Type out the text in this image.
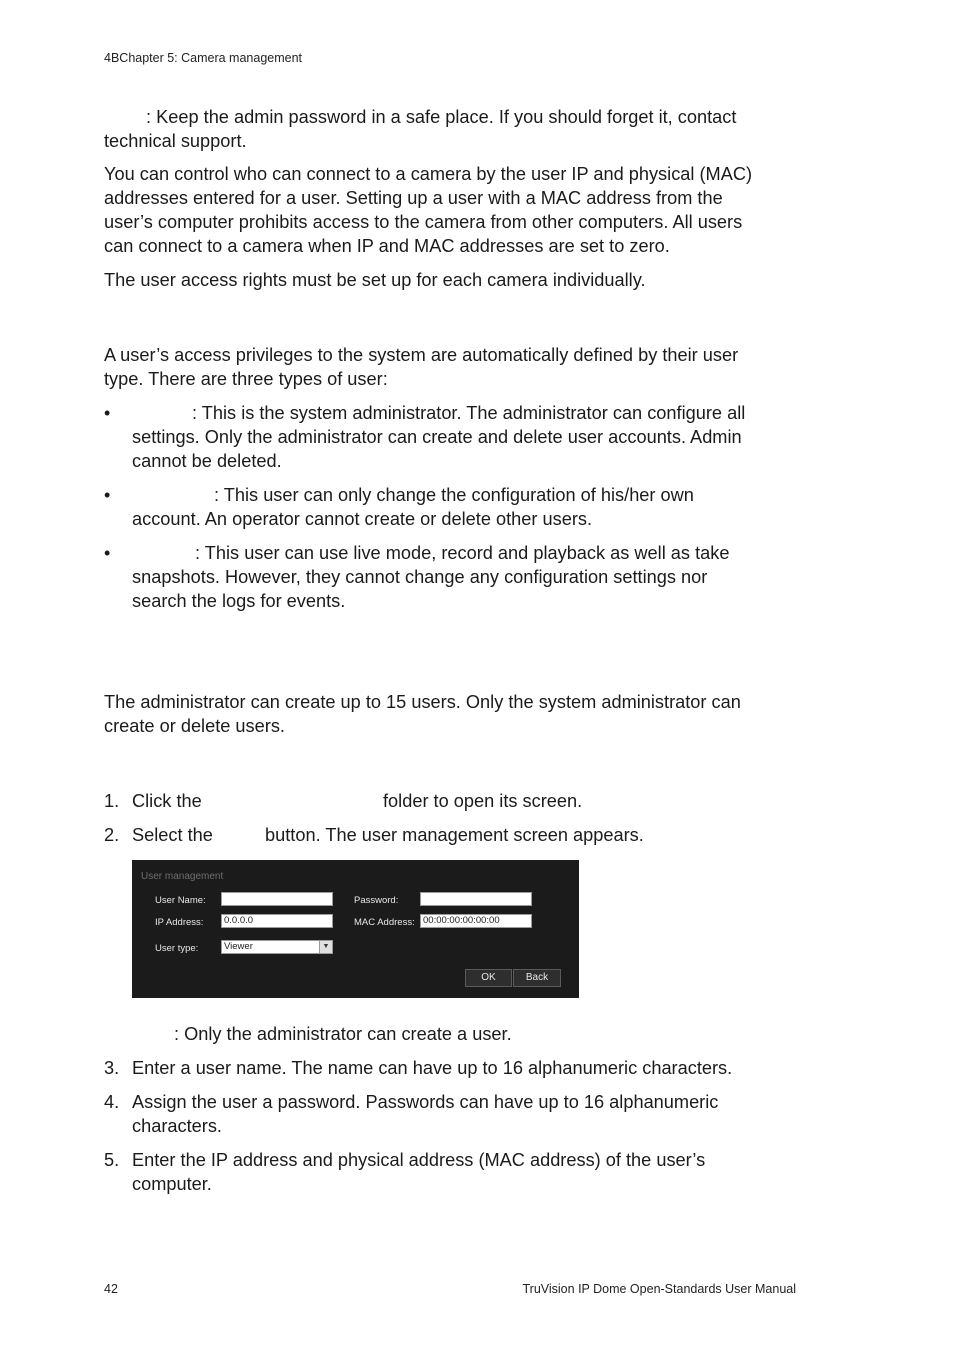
4BChapter 5: Camera management
: Keep the admin password in a safe place. If you should forget it, contact
technical support.
You can control who can connect to a camera by the user IP and physical (MAC)
addresses entered for a user. Setting up a user with a MAC address from the
user’s computer prohibits access to the camera from other computers. All users
can connect to a camera when IP and MAC addresses are set to zero.
The user access rights must be set up for each camera individually.
A user’s access privileges to the system are automatically defined by their user
type. There are three types of user:
•	: This is the system administrator. The administrator can configure all
settings. Only the administrator can create and delete user accounts. Admin
cannot be deleted.
•	: This user can only change the configuration of his/her own
account. An operator cannot create or delete other users.
•	: This user can use live mode, record and playback as well as take
snapshots. However, they cannot change any configuration settings nor
search the logs for events.
The administrator can create up to 15 users. Only the system administrator can
create or delete users.
1. Click the	folder to open its screen.
2. Select the	button. The user management screen appears.
User management
User Name:	Password:
IP Address:	0.0.0.0	MAC Address: 00:00:00:00:00:00
User type:	Viewer	▼
OK	Back
: Only the administrator can create a user.
3. Enter a user name. The name can have up to 16 alphanumeric characters.
4. Assign the user a password. Passwords can have up to 16 alphanumeric
characters.
5. Enter the IP address and physical address (MAC address) of the user’s
computer.
42	TruVision IP Dome Open-Standards User Manual
